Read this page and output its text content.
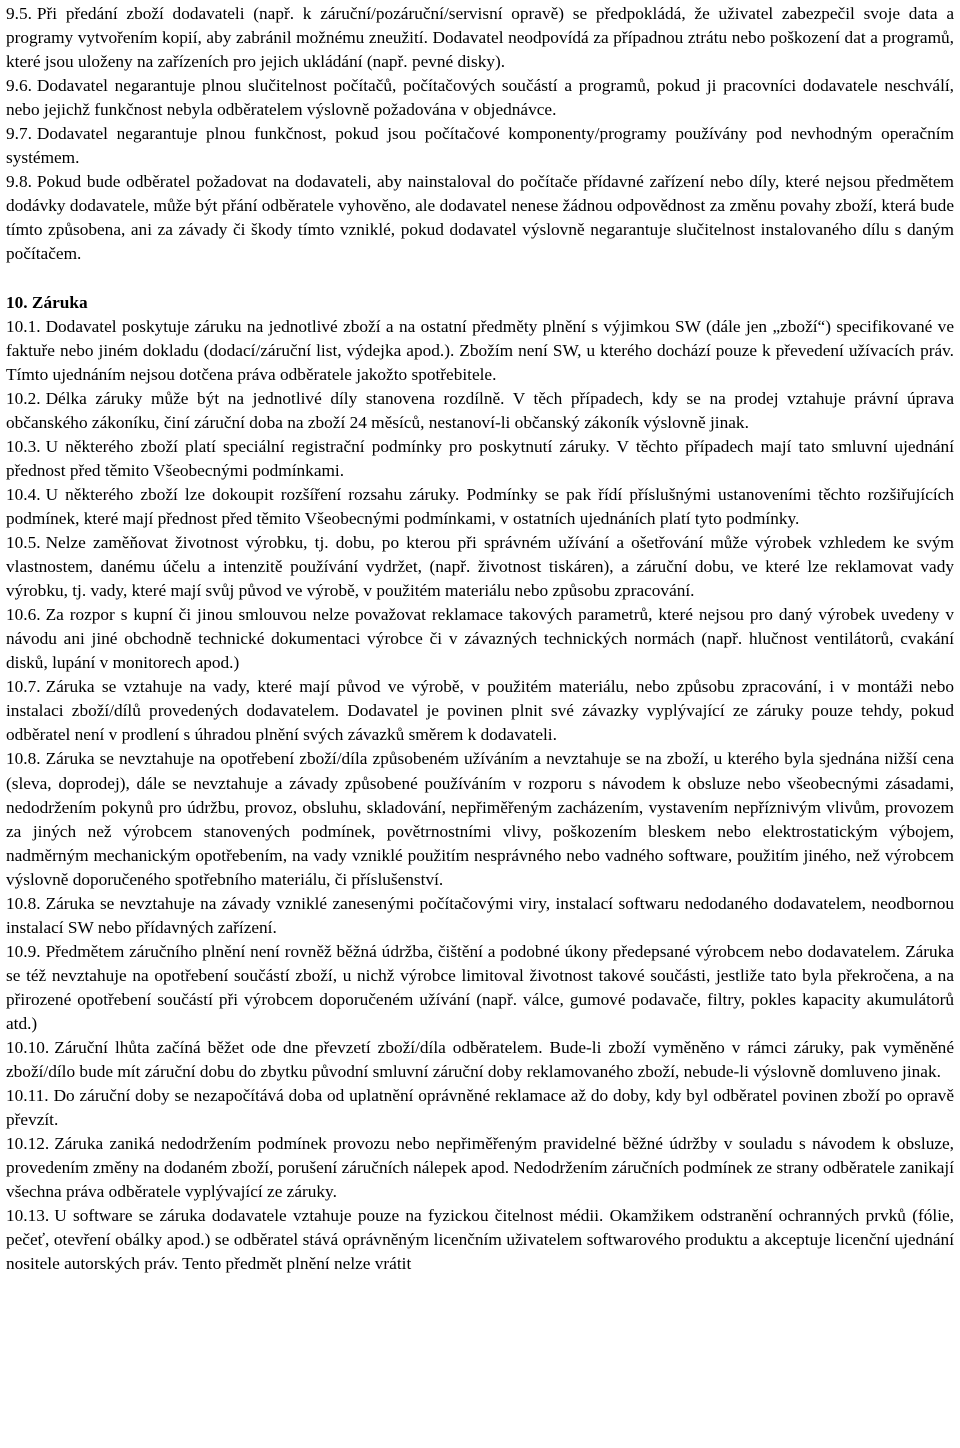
9.5. Při předání zboží dodavateli (např. k záruční/pozáruční/servisní opravě) se předpokládá, že uživatel zabezpečil svoje data a programy vytvořením kopií, aby zabránil možnému zneužití. Dodavatel neodpovídá za případnou ztrátu nebo poškození dat a programů, které jsou uloženy na zařízeních pro jejich ukládání (např. pevné disky).

9.6. Dodavatel negarantuje plnou slučitelnost počítačů, počítačových součástí a programů, pokud ji pracovníci dodavatele neschválí, nebo jejichž funkčnost nebyla odběratelem výslovně požadována v objednávce.

9.7. Dodavatel negarantuje plnou funkčnost, pokud jsou počítačové komponenty/programy používány pod nevhodným operačním systémem.

9.8. Pokud bude odběratel požadovat na dodavateli, aby nainstaloval do počítače přídavné zařízení nebo díly, které nejsou předmětem dodávky dodavatele, může být přání odběratele vyhověno, ale dodavatel nenese žádnou odpovědnost za změnu povahy zboží, která bude tímto způsobena, ani za závady či škody tímto vzniklé, pokud dodavatel výslovně negarantuje slučitelnost instalovaného dílu s daným počítačem.

10. Záruka

10.1. Dodavatel poskytuje záruku na jednotlivé zboží a na ostatní předměty plnění s výjimkou SW (dále jen „zboží“) specifikované ve faktuře nebo jiném dokladu (dodací/záruční list, výdejka apod.). Zbožím není SW, u kterého dochází pouze k převedení užívacích práv. Tímto ujednáním nejsou dotčena práva odběratele jakožto spotřebitele.

10.2. Délka záruky může být na jednotlivé díly stanovena rozdílně. V těch případech, kdy se na prodej vztahuje právní úprava občanského zákoníku, činí záruční doba na zboží 24 měsíců, nestanoví-li občanský zákoník výslovně jinak.

10.3. U některého zboží platí speciální registrační podmínky pro poskytnutí záruky. V těchto případech mají tato smluvní ujednání přednost před těmito Všeobecnými podmínkami.

10.4. U některého zboží lze dokoupit rozšíření rozsahu záruky. Podmínky se pak řídí příslušnými ustanoveními těchto rozšiřujících podmínek, které mají přednost před těmito Všeobecnými podmínkami, v ostatních ujednáních platí tyto podmínky.

10.5. Nelze zaměňovat životnost výrobku, tj. dobu, po kterou při správném užívání a ošetřování může výrobek vzhledem ke svým vlastnostem, danému účelu a intenzitě používání vydržet, (např. životnost tiskáren), a záruční dobu, ve které lze reklamovat vady výrobku, tj. vady, které mají svůj původ ve výrobě, v použitém materiálu nebo způsobu zpracování.

10.6. Za rozpor s kupní či jinou smlouvou nelze považovat reklamace takových parametrů, které nejsou pro daný výrobek uvedeny v návodu ani jiné obchodně technické dokumentaci výrobce či v závazných technických normách (např. hlučnost ventilátorů, cvakání disků, lupání v monitorech apod.)

10.7. Záruka se vztahuje na vady, které mají původ ve výrobě, v použitém materiálu, nebo způsobu zpracování, i v montáži nebo instalaci zboží/dílů provedených dodavatelem. Dodavatel je povinen plnit své závazky vyplývající ze záruky pouze tehdy, pokud odběratel není v prodlení s úhradou plnění svých závazků směrem k dodavateli.

10.8. Záruka se nevztahuje na opotřebení zboží/díla způsobeném užíváním a nevztahuje se na zboží, u kterého byla sjednána nižší cena (sleva, doprodej), dále se nevztahuje a závady způsobené používáním v rozporu s návodem k obsluze nebo všeobecnými zásadami, nedodržením pokynů pro údržbu, provoz, obsluhu, skladování, nepřiměřeným zacházením, vystavením nepříznivým vlivům, provozem za jiných než výrobcem stanovených podmínek, povětrnostními vlivy, poškozením bleskem nebo elektrostatickým výbojem, nadměrným mechanickým opotřebením, na vady vzniklé použitím nesprávného nebo vadného software, použitím jiného, než výrobcem výslovně doporučeného spotřebního materiálu, či příslušenství.

10.8. Záruka se nevztahuje na závady vzniklé zanesenými počítačovými viry, instalací softwaru nedodaného dodavatelem, neodbornou instalací SW nebo přídavných zařízení.

10.9. Předmětem záručního plnění není rovněž běžná údržba, čištění a podobné úkony předepsané výrobcem nebo dodavatelem. Záruka se též nevztahuje na opotřebení součástí zboží, u nichž výrobce limitoval životnost takové součásti, jestliže tato byla překročena, a na přirozené opotřebení součástí při výrobcem doporučeném užívání (např. válce, gumové podavače, filtry, pokles kapacity akumulátorů atd.)

10.10. Záruční lhůta začíná běžet ode dne převzetí zboží/díla odběratelem. Bude-li zboží vyměněno v rámci záruky, pak vyměněné zboží/dílo bude mít záruční dobu do zbytku původní smluvní záruční doby reklamovaného zboží, nebude-li výslovně domluveno jinak.

10.11. Do záruční doby se nezapočítává doba od uplatnění oprávněné reklamace až do doby, kdy byl odběratel povinen zboží po opravě převzít.

10.12. Záruka zaniká nedodržením podmínek provozu nebo nepřiměřeným pravidelné běžné údržby v souladu s návodem k obsluze, provedením změny na dodaném zboží, porušení záručních nálepek apod. Nedodržením záručních podmínek ze strany odběratele zanikají všechna práva odběratele vyplývající ze záruky.

10.13. U software se záruka dodavatele vztahuje pouze na fyzickou čitelnost médii. Okamžikem odstranění ochranných prvků (fólie, pečeť, otevření obálky apod.) se odběratel stává oprávněným licenčním uživatelem softwarového produktu a akceptuje licenční ujednání nositele autorských práv. Tento předmět plnění nelze vrátit
